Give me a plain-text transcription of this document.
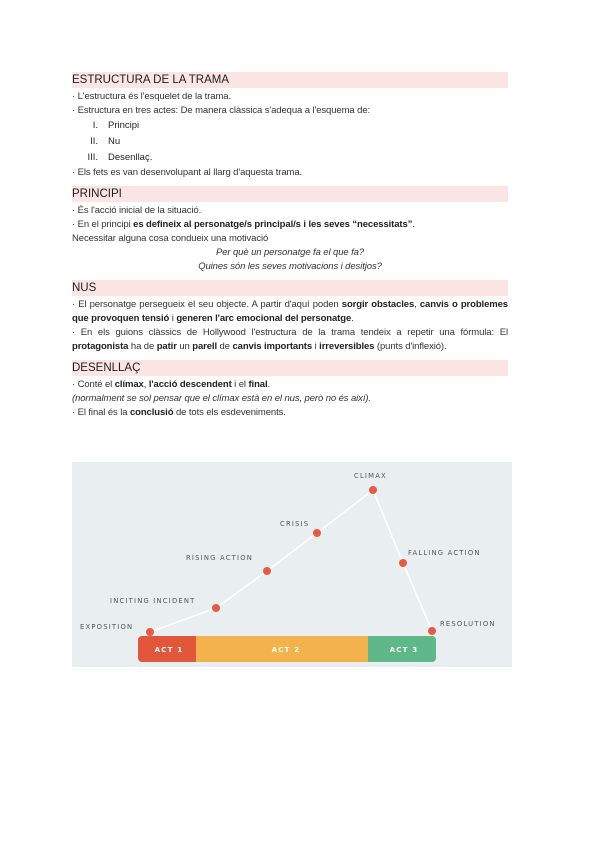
ESTRUCTURA DE LA TRAMA
· L'estructura és l'esquelet de la trama.
· Estructura en tres actes: De manera clàssica s'adequa a l'esquema de:
I. Principi
II. Nu
III. Desenllaç.
· Els fets es van desenvolupant al llarg d'aquesta trama.
PRINCIPI
· És l'acció inicial de la situació.
· En el principi es defineix al personatge/s principal/s i les seves “necessitats”.
Necessitar alguna cosa condueix una motivació
Per què un personatge fa el que fa?
Quines són les seves motivacions i desitjos?
NUS
· El personatge persegueix el seu objecte. A partir d'aquí poden sorgir obstacles, canvis o problemes que provoquen tensió i generen l'arc emocional del personatge.
· En els guions clàssics de Hollywood l'estructura de la trama tendeix a repetir una fórmula: El protagonista ha de patir un parell de canvis importants i irreversibles (punts d'inflexió).
DESENLLAÇ
· Conté el clímax, l'acció descendent i el final.
(normalment se sol pensar que el clímax està en el nus, però no és així).
· El final és la conclusió de tots els esdeveniments.
ACT 1	ACT 2	ACT 3
EXPOSITION
INCITING INCIDENT
RISING ACTION
CRISIS
CLIMAX
FALLING ACTION
RESOLUTION
